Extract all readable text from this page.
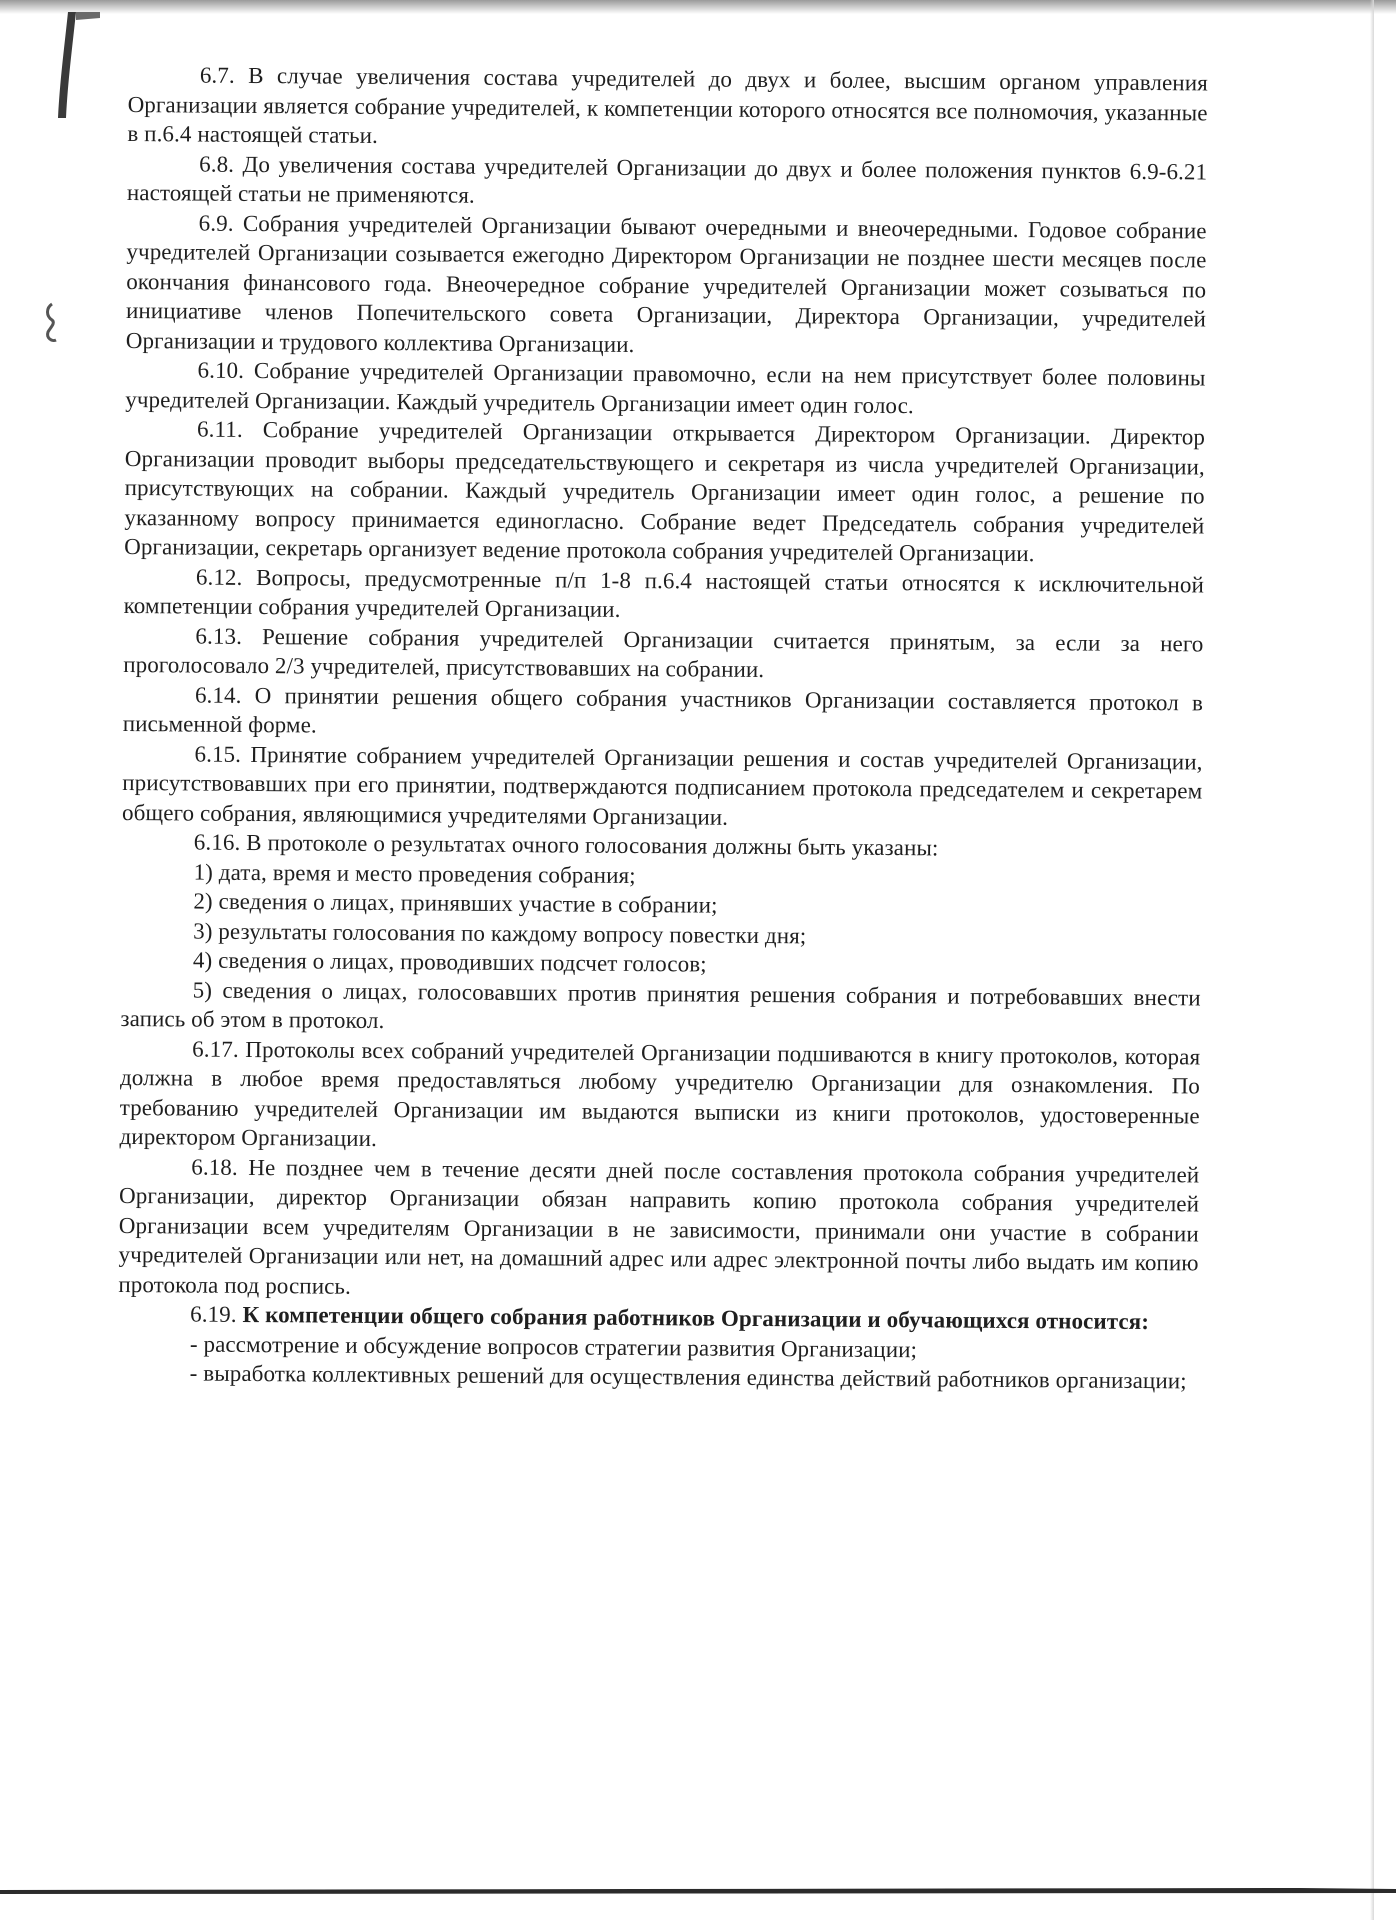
6.7. В случае увеличения состава учредителей до двух и более, высшим органом управления Организации является собрание учредителей, к компетенции которого относятся все полномочия, указанные в п.6.4 настоящей статьи.

6.8. До увеличения состава учредителей Организации до двух и более положения пунктов 6.9-6.21 настоящей статьи не применяются.

6.9. Собрания учредителей Организации бывают очередными и внеочередными. Годовое собрание учредителей Организации созывается ежегодно Директором Организации не позднее шести месяцев после окончания финансового года. Внеочередное собрание учредителей Организации может созываться по инициативе членов Попечительского совета Организации, Директора Организации, учредителей Организации и трудового коллектива Организации.

6.10. Собрание учредителей Организации правомочно, если на нем присутствует более половины учредителей Организации. Каждый учредитель Организации имеет один голос.

6.11. Собрание учредителей Организации открывается Директором Организации. Директор Организации проводит выборы председательствующего и секретаря из числа учредителей Организации, присутствующих на собрании. Каждый учредитель Организации имеет один голос, а решение по указанному вопросу принимается единогласно. Собрание ведет Председатель собрания учредителей Организации, секретарь организует ведение протокола собрания учредителей Организации.

6.12. Вопросы, предусмотренные п/п 1-8 п.6.4 настоящей статьи относятся к исключительной компетенции собрания учредителей Организации.

6.13. Решение собрания учредителей Организации считается принятым, за если за него проголосовало 2/3 учредителей, присутствовавших на собрании.

6.14. О принятии решения общего собрания участников Организации составляется протокол в письменной форме.

6.15. Принятие собранием учредителей Организации решения и состав учредителей Организации, присутствовавших при его принятии, подтверждаются подписанием протокола председателем и секретарем общего собрания, являющимися учредителями Организации.

6.16. В протоколе о результатах очного голосования должны быть указаны:

1) дата, время и место проведения собрания;

2) сведения о лицах, принявших участие в собрании;

3) результаты голосования по каждому вопросу повестки дня;

4) сведения о лицах, проводивших подсчет голосов;

5) сведения о лицах, голосовавших против принятия решения собрания и потребовавших внести запись об этом в протокол.

6.17. Протоколы всех собраний учредителей Организации подшиваются в книгу протоколов, которая должна в любое время предоставляться любому учредителю Организации для ознакомления. По требованию учредителей Организации им выдаются выписки из книги протоколов, удостоверенные директором Организации.

6.18. Не позднее чем в течение десяти дней после составления протокола собрания учредителей Организации, директор Организации обязан направить копию протокола собрания учредителей Организации всем учредителям Организации в не зависимости, принимали они участие в собрании учредителей Организации или нет, на домашний адрес или адрес электронной почты либо выдать им копию протокола под роспись.

6.19. К компетенции общего собрания работников Организации и обучающихся относится:

- рассмотрение и обсуждение вопросов стратегии развития Организации;

- выработка коллективных решений для осуществления единства действий работников организации;
